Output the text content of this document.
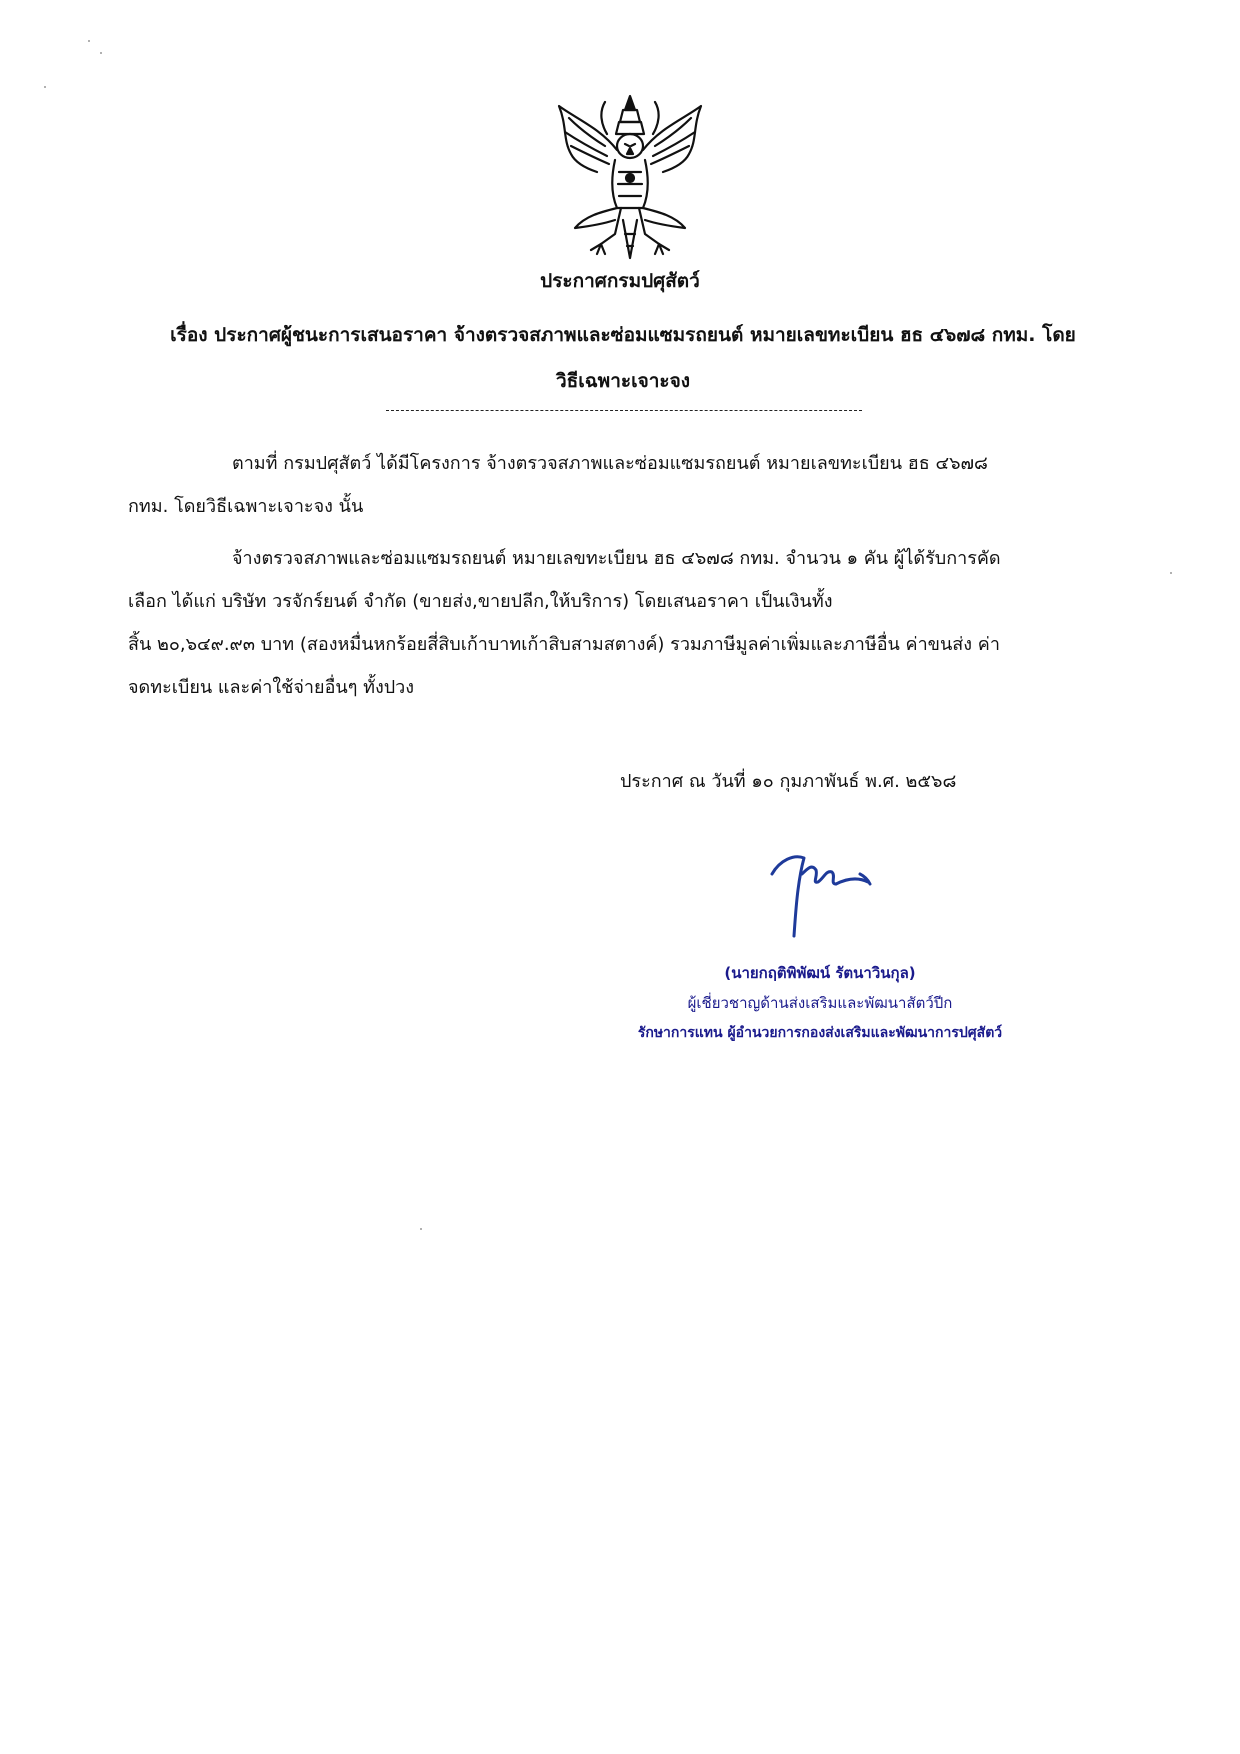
ประกาศกรมปศุสัตว์
เรื่อง ประกาศผู้ชนะการเสนอราคา จ้างตรวจสภาพและซ่อมแซมรถยนต์ หมายเลขทะเบียน ฮธ ๔๖๗๘ กทม. โดย
วิธีเฉพาะเจาะจง
ตามที่ กรมปศุสัตว์ ได้มีโครงการ จ้างตรวจสภาพและซ่อมแซมรถยนต์ หมายเลขทะเบียน ฮธ ๔๖๗๘
กทม. โดยวิธีเฉพาะเจาะจง นั้น
จ้างตรวจสภาพและซ่อมแซมรถยนต์ หมายเลขทะเบียน ฮธ ๔๖๗๘ กทม. จำนวน ๑ คัน ผู้ได้รับการคัด
เลือก ได้แก่ บริษัท วรจักร์ยนต์ จำกัด (ขายส่ง,ขายปลีก,ให้บริการ) โดยเสนอราคา เป็นเงินทั้ง
สิ้น ๒๐,๖๔๙.๙๓ บาท (สองหมื่นหกร้อยสี่สิบเก้าบาทเก้าสิบสามสตางค์) รวมภาษีมูลค่าเพิ่มและภาษีอื่น ค่าขนส่ง ค่า
จดทะเบียน และค่าใช้จ่ายอื่นๆ ทั้งปวง
ประกาศ ณ วันที่ ๑๐ กุมภาพันธ์ พ.ศ. ๒๕๖๘
(นายกฤติพิพัฒน์ รัตนาวินกุล)
ผู้เชี่ยวชาญด้านส่งเสริมและพัฒนาสัตว์ปีก
รักษาการแทน ผู้อำนวยการกองส่งเสริมและพัฒนาการปศุสัตว์
